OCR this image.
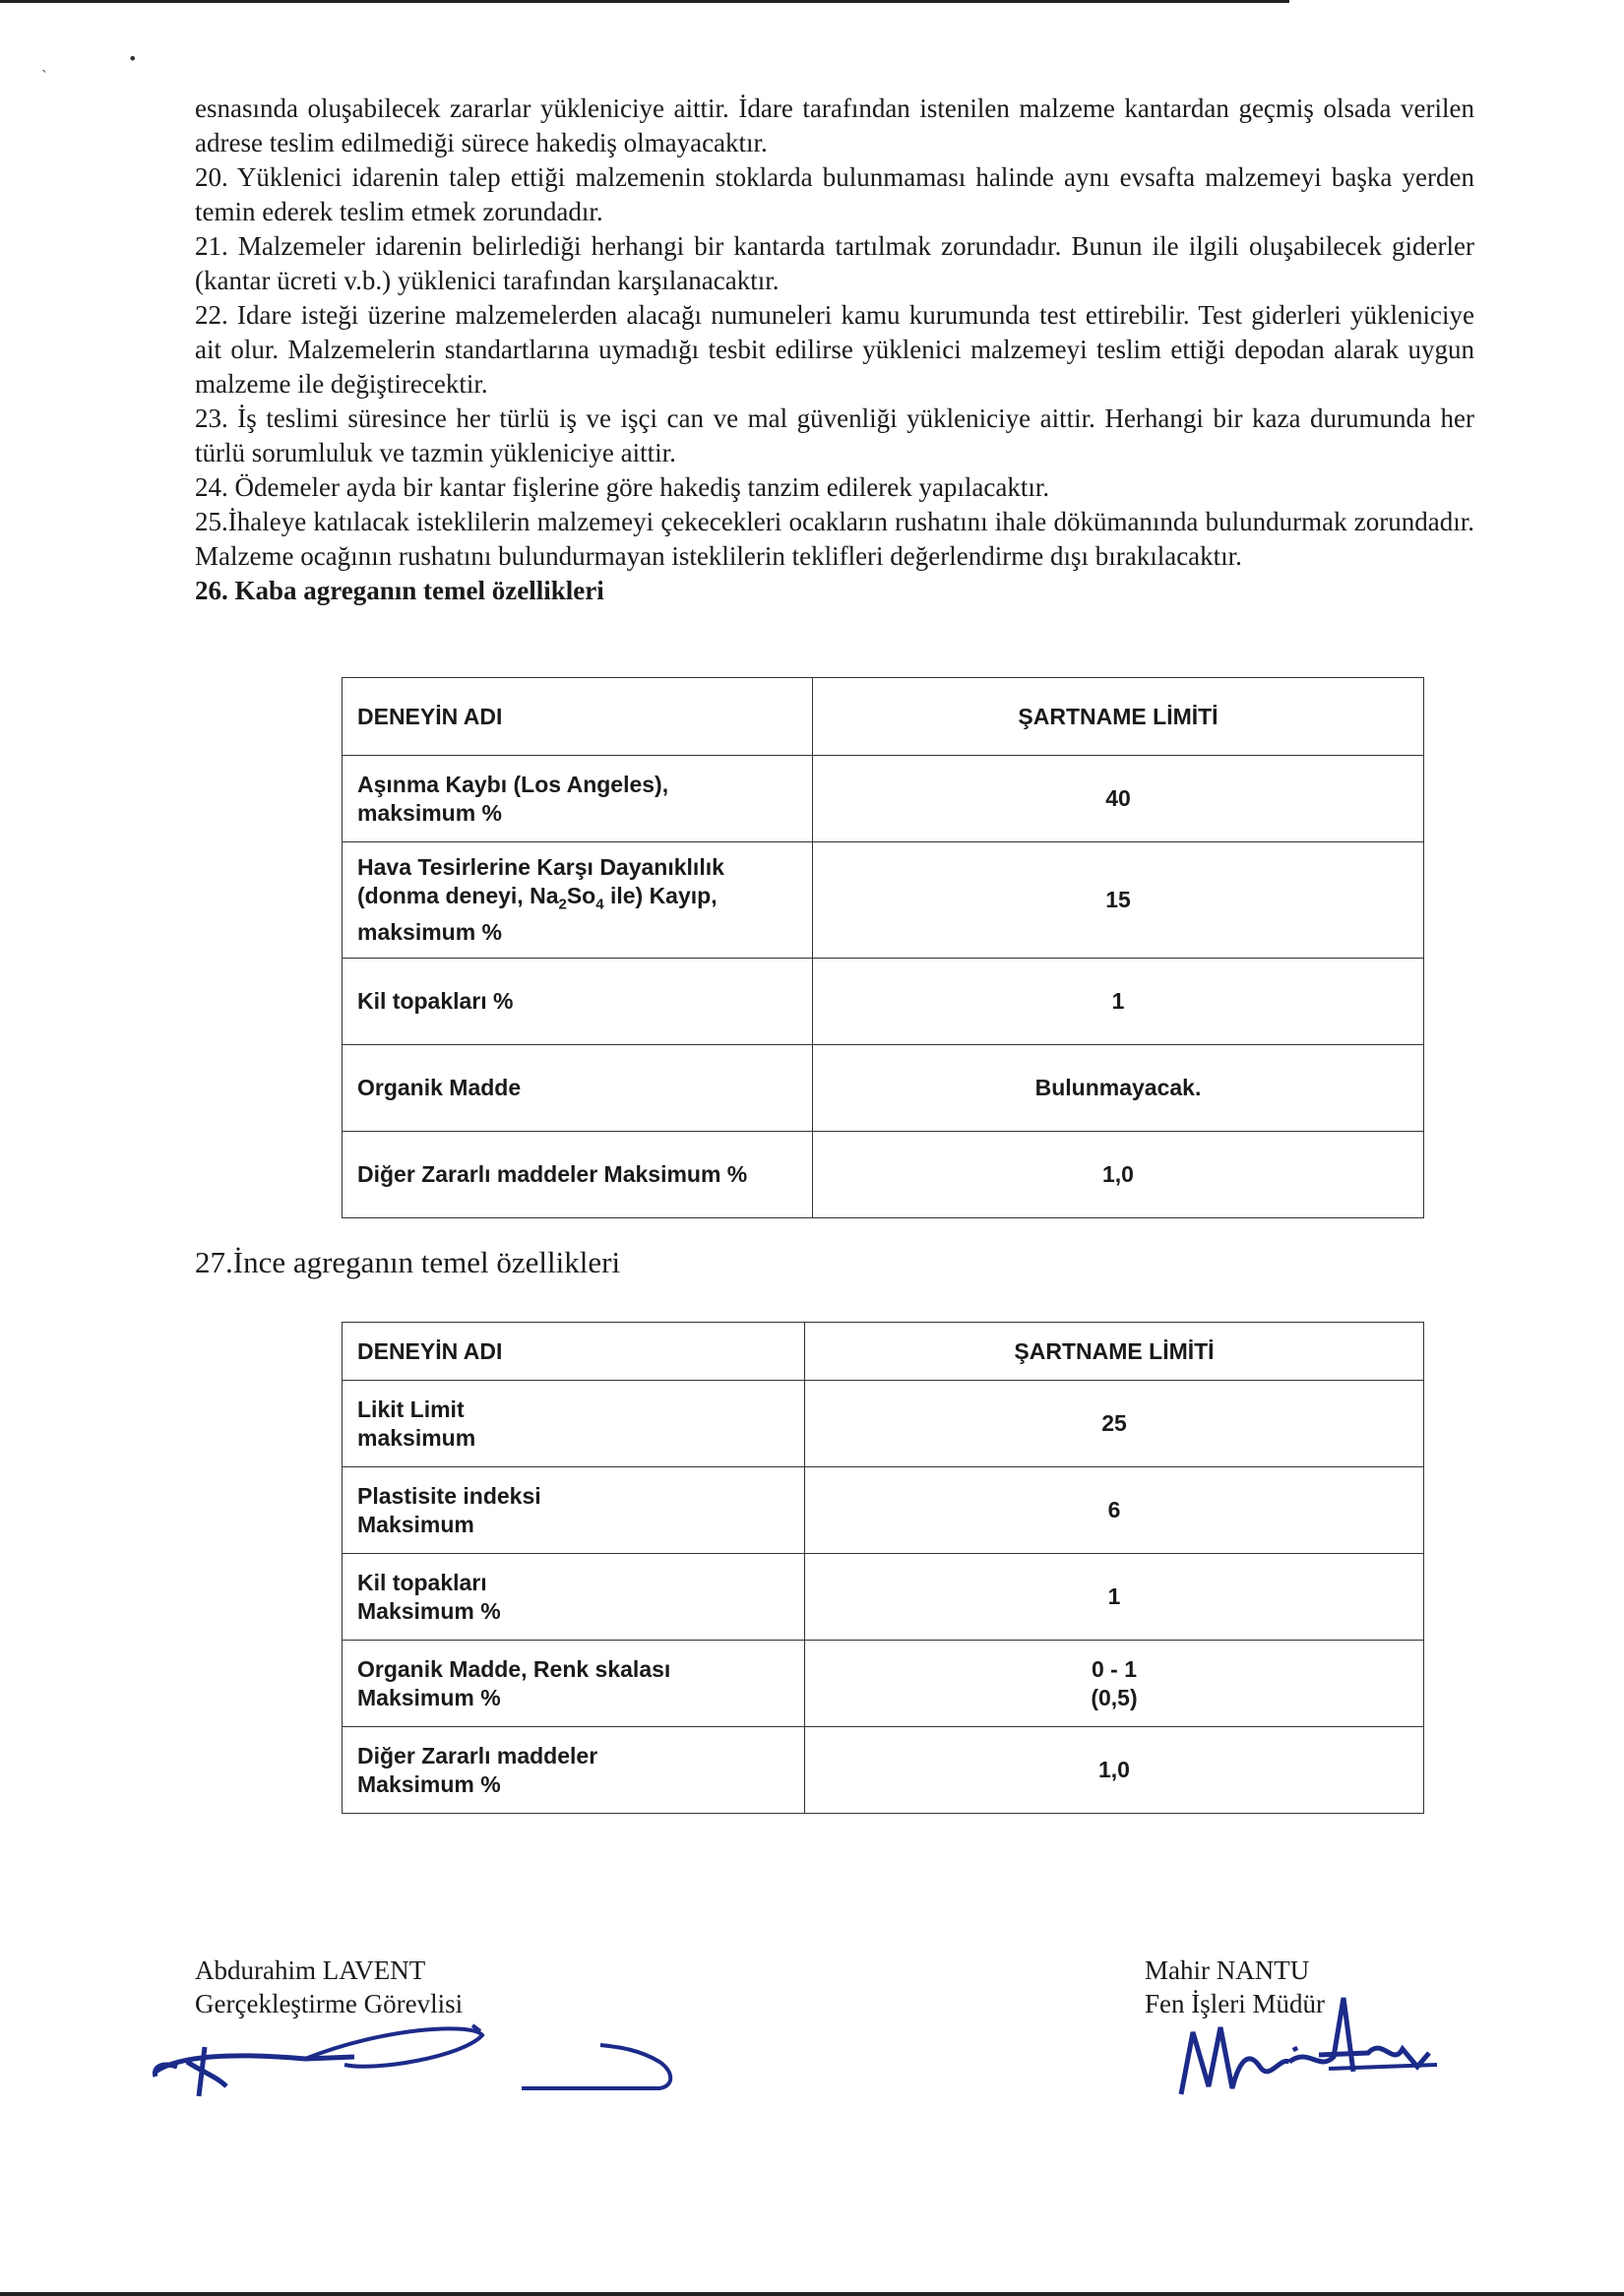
ˎ	•

esnasında oluşabilecek zararlar yükleniciye aittir. İdare tarafından istenilen malzeme kantardan geçmiş olsada verilen adrese teslim edilmediği sürece hakediş olmayacaktır.

20. Yüklenici idarenin talep ettiği malzemenin stoklarda bulunmaması halinde aynı evsafta malzemeyi başka yerden temin ederek teslim etmek zorundadır.

21. Malzemeler idarenin belirlediği herhangi bir kantarda tartılmak zorundadır. Bunun ile ilgili oluşabilecek giderler (kantar ücreti v.b.) yüklenici tarafından karşılanacaktır.

22. Idare isteği üzerine malzemelerden alacağı numuneleri kamu kurumunda test ettirebilir. Test giderleri yükleniciye ait olur. Malzemelerin standartlarına uymadığı tesbit edilirse yüklenici malzemeyi teslim ettiği depodan alarak uygun malzeme ile değiştirecektir.

23. İş teslimi süresince her türlü iş ve işçi can ve mal güvenliği yükleniciye aittir. Herhangi bir kaza durumunda her türlü sorumluluk ve tazmin yükleniciye aittir.

24. Ödemeler ayda bir kantar fişlerine göre hakediş tanzim edilerek yapılacaktır.

25.İhaleye katılacak isteklilerin malzemeyi çekecekleri ocakların rushatını ihale dökümanında bulundurmak zorundadır. Malzeme ocağının rushatını bulundurmayan isteklilerin teklifleri değerlendirme dışı bırakılacaktır.

26. Kaba agreganın temel özellikleri

DENEYİN ADI	ŞARTNAME LİMİTİ

Aşınma Kaybı (Los Angeles),
maksimum %	40

Hava Tesirlerine Karşı Dayanıklılık
(donma deneyi, $Na_2So_4$ ile) Kayıp,
maksimum %	15
Kil topakları %	1
Organik Madde	Bulunmayacak.
Diğer Zararlı maddeler Maksimum %	1,0
27.İnce agreganın temel özellikleri
DENEYİN ADI	ŞARTNAME LİMİTİ

Likit Limit
maksimum	25

Plastisite indeksi
Maksimum	6

Kil topakları
Maksimum %	1

Organik Madde, Renk skalası
Maksimum %	0 - 1
(0,5)

Diğer Zararlı maddeler
Maksimum %	1,0
Abdurahim LAVENT
Gerçekleştirme Görevlisi
Mahir NANTU
Fen İşleri Müdür
